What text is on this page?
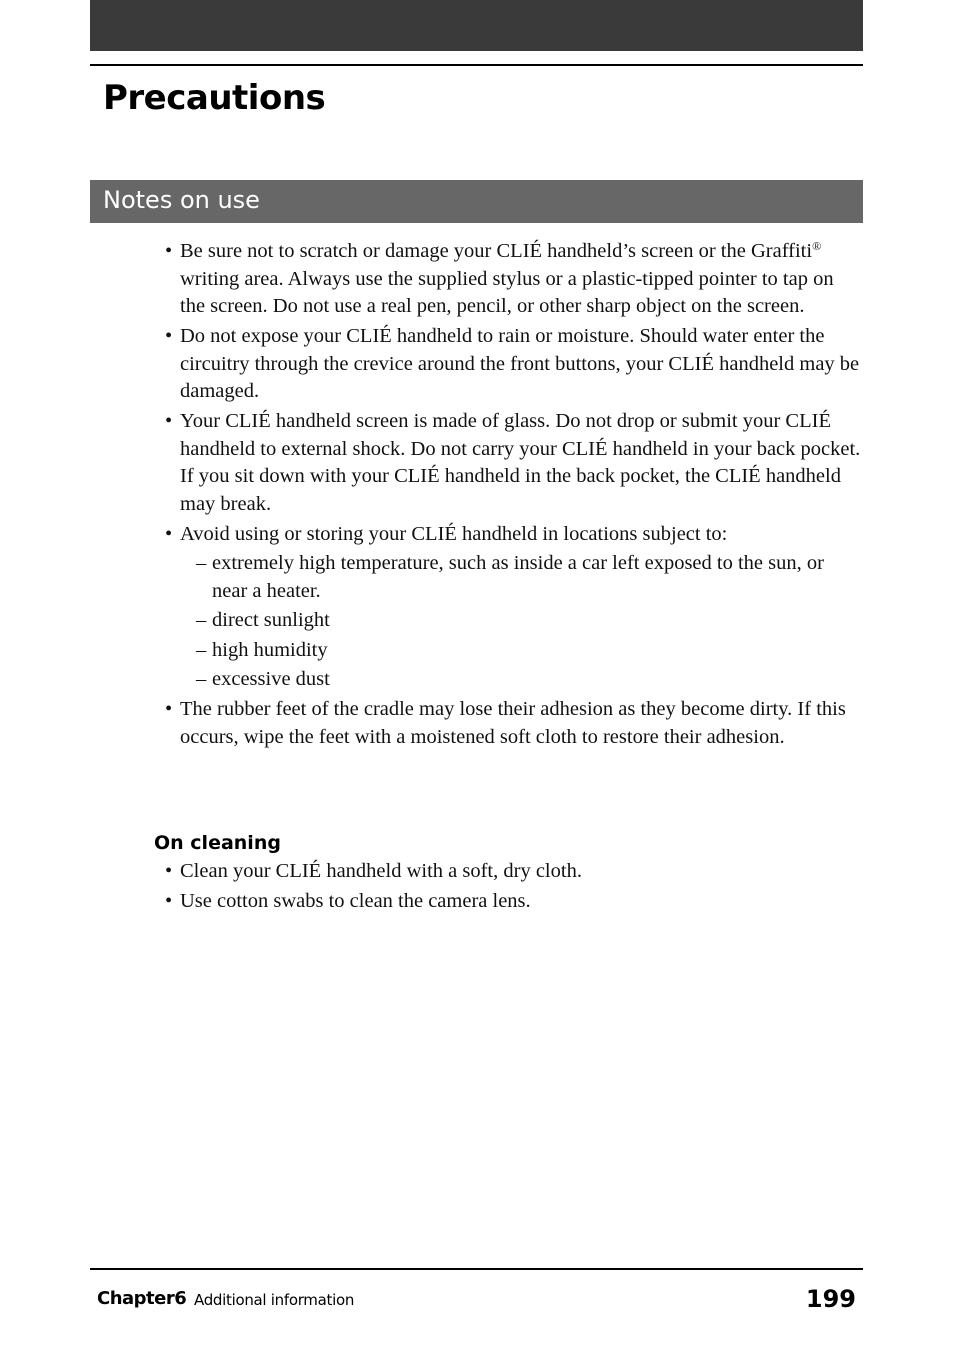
Precautions
Notes on use
• Be sure not to scratch or damage your CLIÉ handheld’s screen or the Graffiti® writing area. Always use the supplied stylus or a plastic-tipped pointer to tap on the screen. Do not use a real pen, pencil, or other sharp object on the screen.
• Do not expose your CLIÉ handheld to rain or moisture. Should water enter the circuitry through the crevice around the front buttons, your CLIÉ handheld may be damaged.
• Your CLIÉ handheld screen is made of glass. Do not drop or submit your CLIÉ handheld to external shock. Do not carry your CLIÉ handheld in your back pocket. If you sit down with your CLIÉ handheld in the back pocket, the CLIÉ handheld may break.
• Avoid using or storing your CLIÉ handheld in locations subject to:
– extremely high temperature, such as inside a car left exposed to the sun, or near a heater.
– direct sunlight
– high humidity
– excessive dust
• The rubber feet of the cradle may lose their adhesion as they become dirty. If this occurs, wipe the feet with a moistened soft cloth to restore their adhesion.
On cleaning
• Clean your CLIÉ handheld with a soft, dry cloth.
• Use cotton swabs to clean the camera lens.
Chapter6 Additional information	199
